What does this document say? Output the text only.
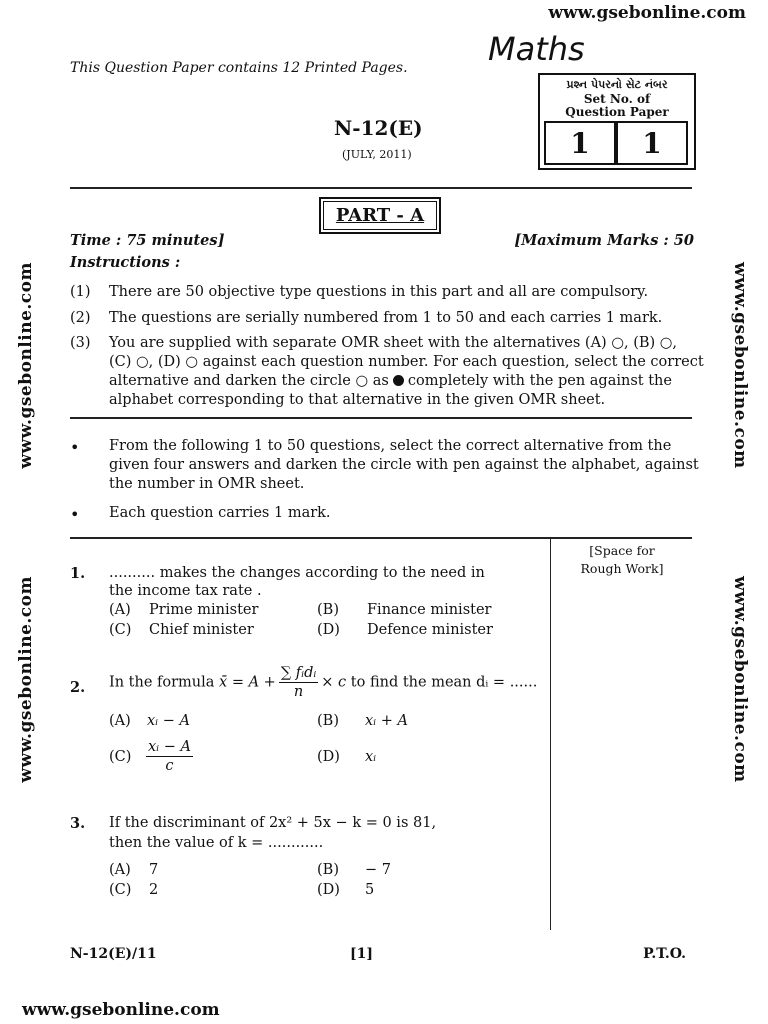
www.gsebonline.com
www.gsebonline.com
www.gsebonline.com
www.gsebonline.com
www.gsebonline.com
www.gsebonline.com
This Question Paper contains 12 Printed Pages.	Maths
N-12(E)
(JULY, 2011)
પ્રશ્ન પેપરનો સેટ નંબર
Set No. of
Question Paper
1	1
PART - A
Time : 75 minutes]	[Maximum Marks : 50
Instructions :
(1) There are 50 objective type questions in this part and all are compulsory.
(2) The questions are serially numbered from 1 to 50 and each carries 1 mark.
(3) You are supplied with separate OMR sheet with the alternatives (A) ○, (B) ○,
(C) ○, (D) ○ against each question number. For each question, select the correct
alternative and darken the circle ○ as completely with the pen against the
alphabet corresponding to that alternative in the given OMR sheet.
• From the following 1 to 50 questions, select the correct alternative from the
given four answers and darken the circle with pen against the alphabet, against
the number in OMR sheet.
• Each question carries 1 mark.
[Space for
Rough Work]
1. .......... makes the changes according to the need in
the income tax rate .
(A) Prime minister	(B) Finance minister
(C) Chief minister	(D) Defence minister
2. In the formula x̄ = $A + \frac{\text{∑ fᵢdᵢ}}{n} \times c$ to find the mean dᵢ = ......
(A) xᵢ − A	(B) xᵢ + A
$(C) \frac{\text{xᵢ − A}}{c}$	(D) xᵢ
3. If the discriminant of 2x² + 5x − k = 0 is 81,
then the value of k = ............
(A) 7	(B) − 7
(C) 2	(D) 5
N-12(E)/11	[1]	P.T.O.
